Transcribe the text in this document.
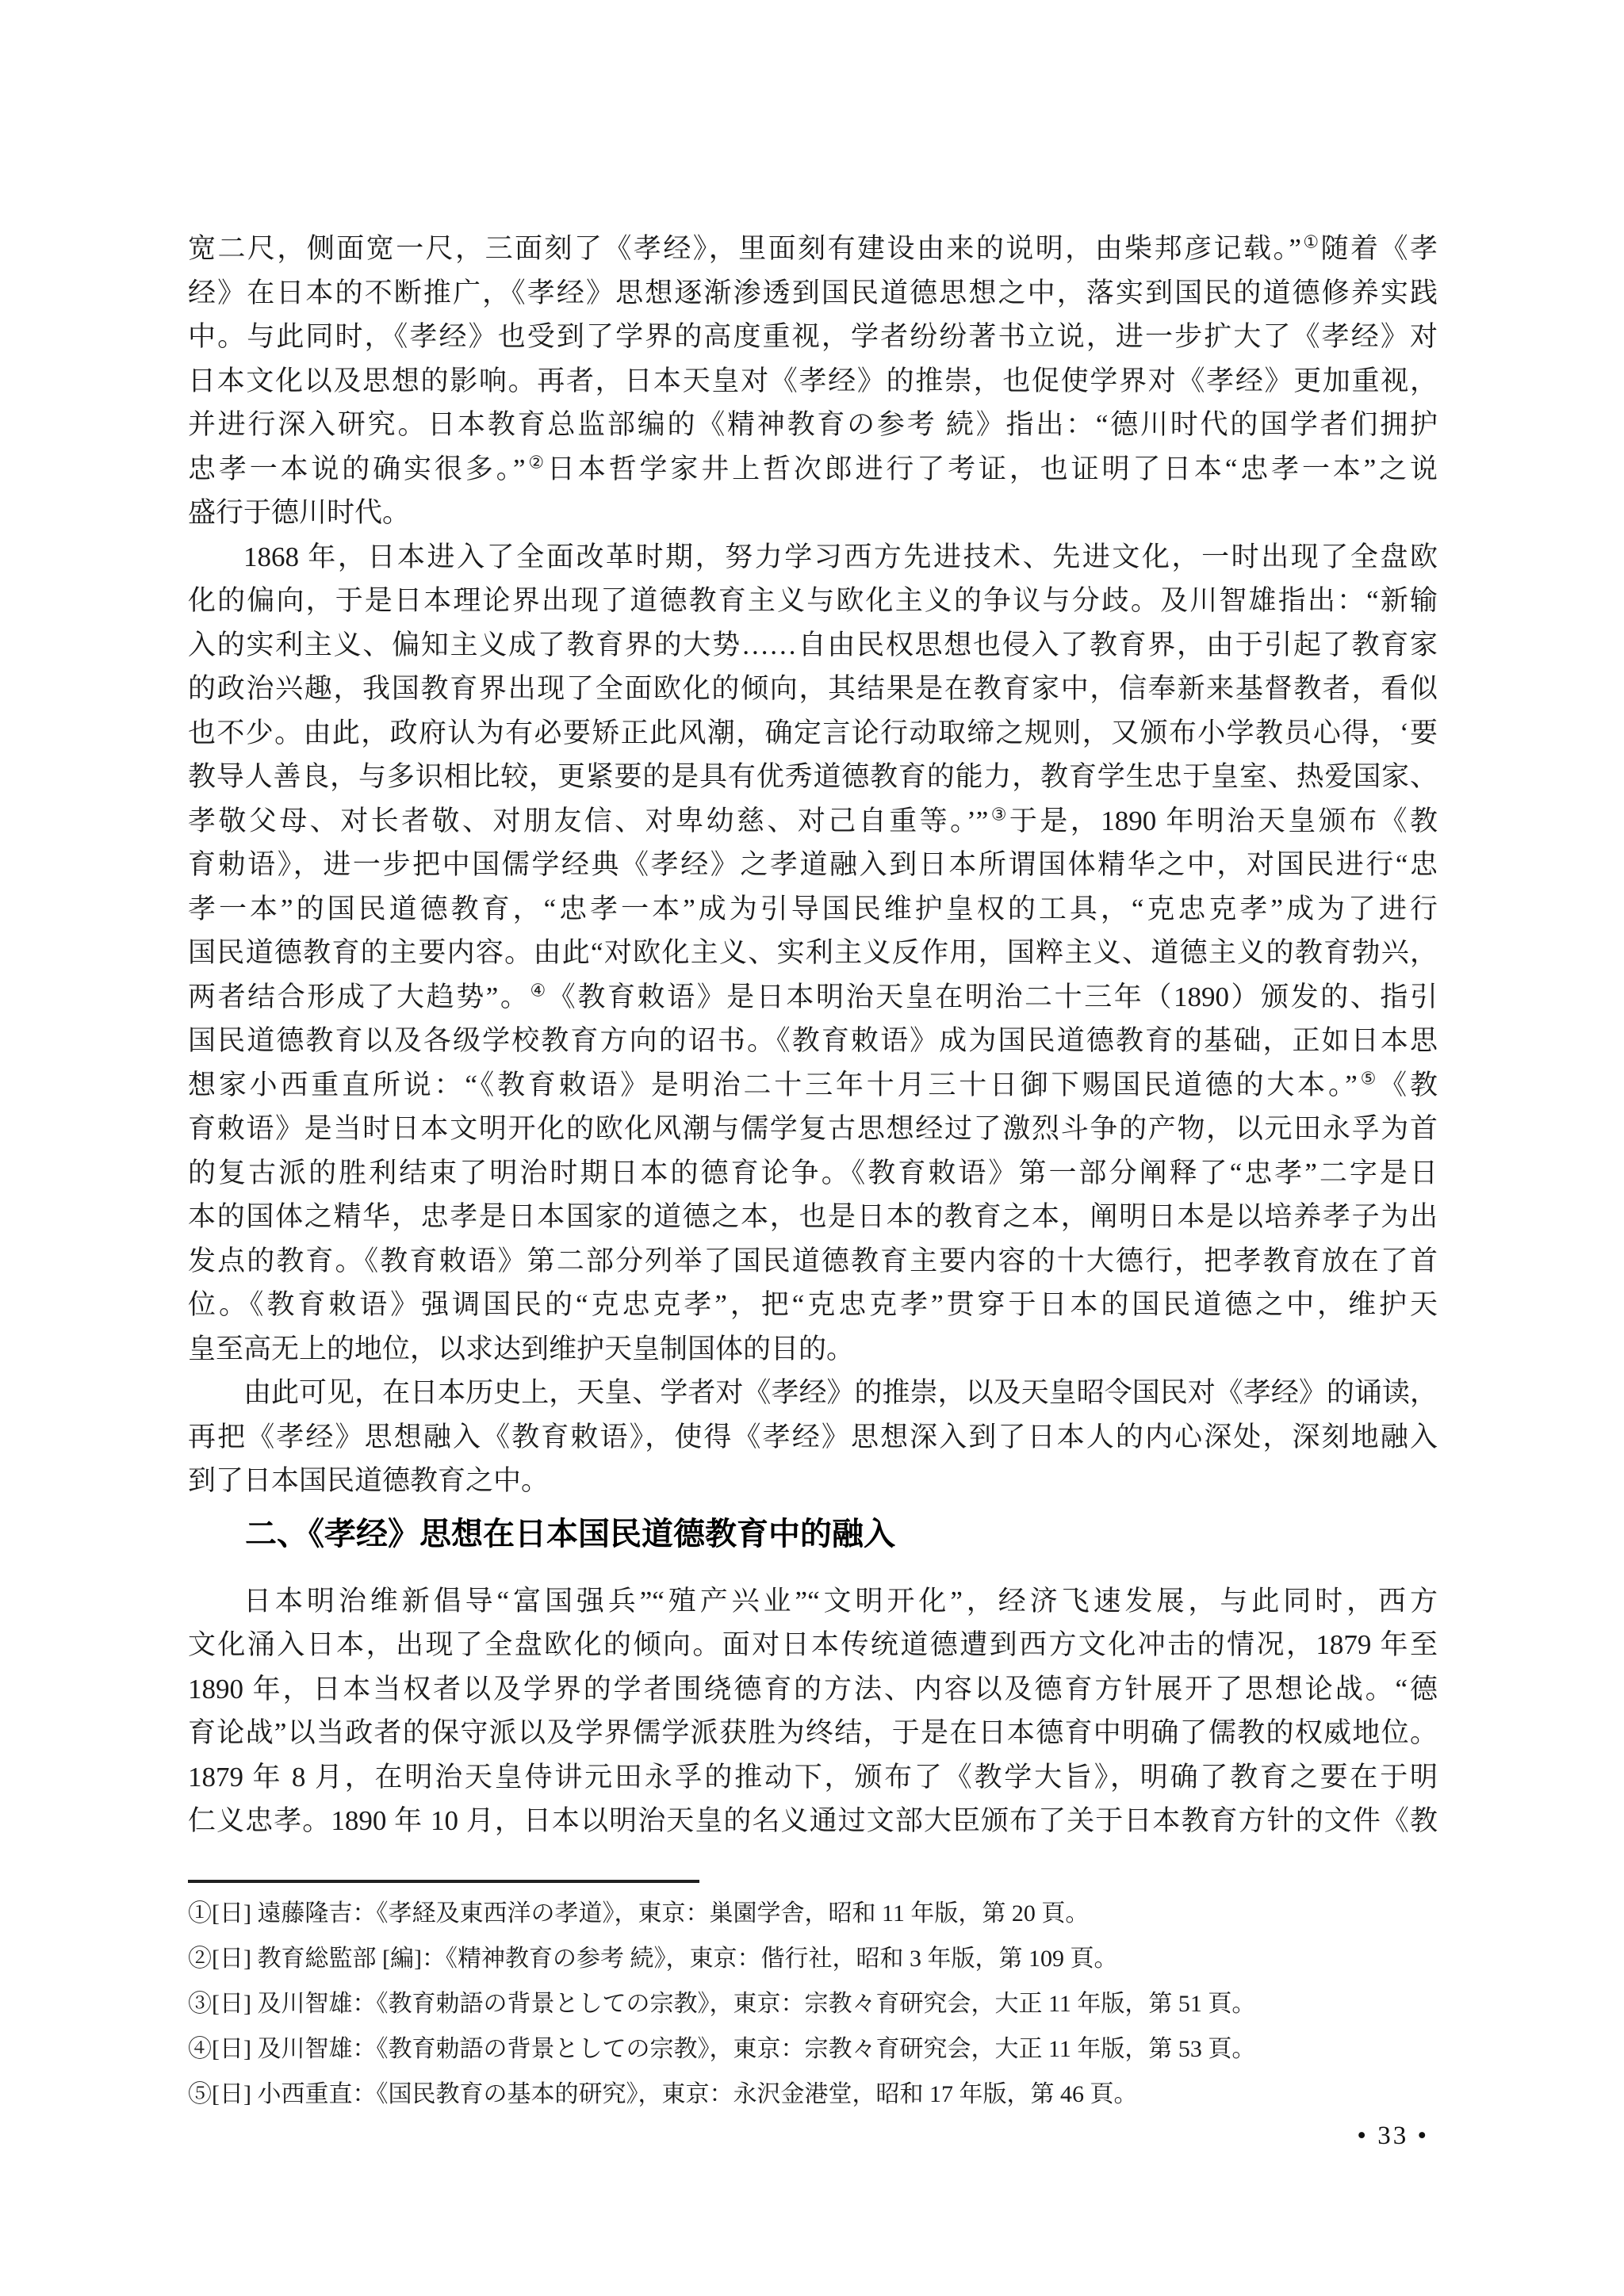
宽二尺，侧面宽一尺，三面刻了《孝经》，里面刻有建设由来的说明，由柴邦彦记载。”①随着《孝
经》在日本的不断推广，《孝经》思想逐渐渗透到国民道德思想之中，落实到国民的道德修养实践
中。与此同时，《孝经》也受到了学界的高度重视，学者纷纷著书立说，进一步扩大了《孝经》对
日本文化以及思想的影响。再者，日本天皇对《孝经》的推崇，也促使学界对《孝经》更加重视，
并进行深入研究。日本教育总监部编的《精神教育の参考 続》指出：“德川时代的国学者们拥护
忠孝一本说的确实很多。”②日本哲学家井上哲次郎进行了考证，也证明了日本“忠孝一本”之说
盛行于德川时代。
1868 年，日本进入了全面改革时期，努力学习西方先进技术、先进文化，一时出现了全盘欧
化的偏向，于是日本理论界出现了道德教育主义与欧化主义的争议与分歧。及川智雄指出：“新输
入的实利主义、偏知主义成了教育界的大势……自由民权思想也侵入了教育界，由于引起了教育家
的政治兴趣，我国教育界出现了全面欧化的倾向，其结果是在教育家中，信奉新来基督教者，看似
也不少。由此，政府认为有必要矫正此风潮，确定言论行动取缔之规则，又颁布小学教员心得，‘要
教导人善良，与多识相比较，更紧要的是具有优秀道德教育的能力，教育学生忠于皇室、热爱国家、
孝敬父母、对长者敬、对朋友信、对卑幼慈、对己自重等。’”③于是，1890 年明治天皇颁布《教
育勅语》，进一步把中国儒学经典《孝经》之孝道融入到日本所谓国体精华之中，对国民进行“忠
孝一本”的国民道德教育，“忠孝一本”成为引导国民维护皇权的工具，“克忠克孝”成为了进行
国民道德教育的主要内容。由此“对欧化主义、实利主义反作用，国粹主义、道德主义的教育勃兴，
两者结合形成了大趋势”。④《教育敕语》是日本明治天皇在明治二十三年（1890）颁发的、指引
国民道德教育以及各级学校教育方向的诏书。《教育敕语》成为国民道德教育的基础，正如日本思
想家小西重直所说：“《教育敕语》是明治二十三年十月三十日御下赐国民道德的大本。”⑤《教
育敕语》是当时日本文明开化的欧化风潮与儒学复古思想经过了激烈斗争的产物，以元田永孚为首
的复古派的胜利结束了明治时期日本的德育论争。《教育敕语》第一部分阐释了“忠孝”二字是日
本的国体之精华，忠孝是日本国家的道德之本，也是日本的教育之本，阐明日本是以培养孝子为出
发点的教育。《教育敕语》第二部分列举了国民道德教育主要内容的十大德行，把孝教育放在了首
位。《教育敕语》强调国民的“克忠克孝”，把“克忠克孝”贯穿于日本的国民道德之中，维护天
皇至高无上的地位，以求达到维护天皇制国体的目的。
由此可见，在日本历史上，天皇、学者对《孝经》的推崇，以及天皇昭令国民对《孝经》的诵读，
再把《孝经》思想融入《教育敕语》，使得《孝经》思想深入到了日本人的内心深处，深刻地融入
到了日本国民道德教育之中。
二、《孝经》思想在日本国民道德教育中的融入
日本明治维新倡导“富国强兵”“殖产兴业”“文明开化”，经济飞速发展，与此同时，西方
文化涌入日本，出现了全盘欧化的倾向。面对日本传统道德遭到西方文化冲击的情况，1879 年至
1890 年，日本当权者以及学界的学者围绕德育的方法、内容以及德育方针展开了思想论战。“德
育论战”以当政者的保守派以及学界儒学派获胜为终结，于是在日本德育中明确了儒教的权威地位。
1879 年 8 月，在明治天皇侍讲元田永孚的推动下，颁布了《教学大旨》，明确了教育之要在于明
仁义忠孝。1890 年 10 月，日本以明治天皇的名义通过文部大臣颁布了关于日本教育方针的文件《教
①[日] 遠藤隆吉：《孝経及東西洋の孝道》，東京：巣園学舎，昭和 11 年版，第 20 頁。
②[日] 教育総監部 [編]：《精神教育の参考 続》，東京：偕行社，昭和 3 年版，第 109 頁。
③[日] 及川智雄：《教育勅語の背景としての宗教》，東京：宗教々育研究会，大正 11 年版，第 51 頁。
④[日] 及川智雄：《教育勅語の背景としての宗教》，東京：宗教々育研究会，大正 11 年版，第 53 頁。
⑤[日] 小西重直：《国民教育の基本的研究》，東京：永沢金港堂，昭和 17 年版，第 46 頁。
• 33 •
